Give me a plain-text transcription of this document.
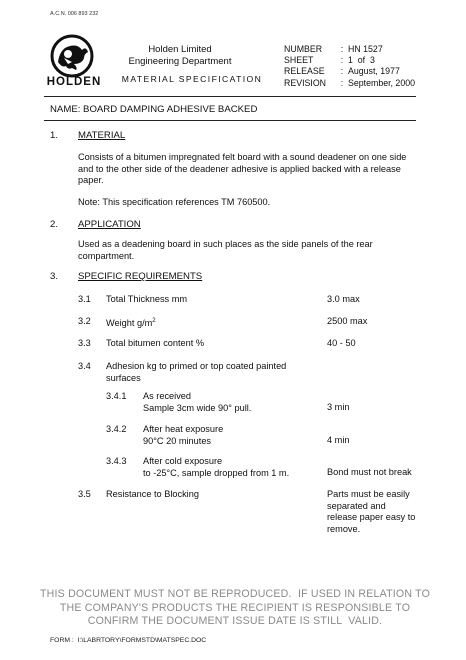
A.C.N. 006 893 232
HOLDEN
Holden Limited
Engineering Department
MATERIAL SPECIFICATION
NUMBER	: HN 1527
SHEET	: 1  of  3
RELEASE	: August, 1977
REVISION	: September, 2000
NAME: BOARD DAMPING ADHESIVE BACKED
1. MATERIAL
Consists of a bitumen impregnated felt board with a sound deadener on one side and to the other side of the deadener adhesive is applied backed with a release paper.
Note: This specification references TM 760500.
2. APPLICATION
Used as a deadening board in such places as the side panels of the rear compartment.
3. SPECIFIC REQUIREMENTS
3.1 Total Thickness mm	3.0 max
3.2 Weight $g/m^2$	2500 max
3.3 Total bitumen content %	40 - 50
3.4 Adhesion kg to primed or top coated painted
surfaces
3.4.1 As received
Sample 3cm wide 90° pull.	3 min
3.4.2 After heat exposure
90°C 20 minutes	4 min
3.4.3 After cold exposure
to -25°C, sample dropped from 1 m.	Bond must not break
3.5 Resistance to Blocking	Parts must be easily
separated and
release paper easy to
remove.
THIS DOCUMENT MUST NOT BE REPRODUCED.  IF USED IN RELATION TO
THE COMPANY'S PRODUCTS THE RECIPIENT IS RESPONSIBLE TO
CONFIRM THE DOCUMENT ISSUE DATE IS STILL  VALID.
FORM :  I:\LABRTORY\FORMSTD\MATSPEC.DOC
